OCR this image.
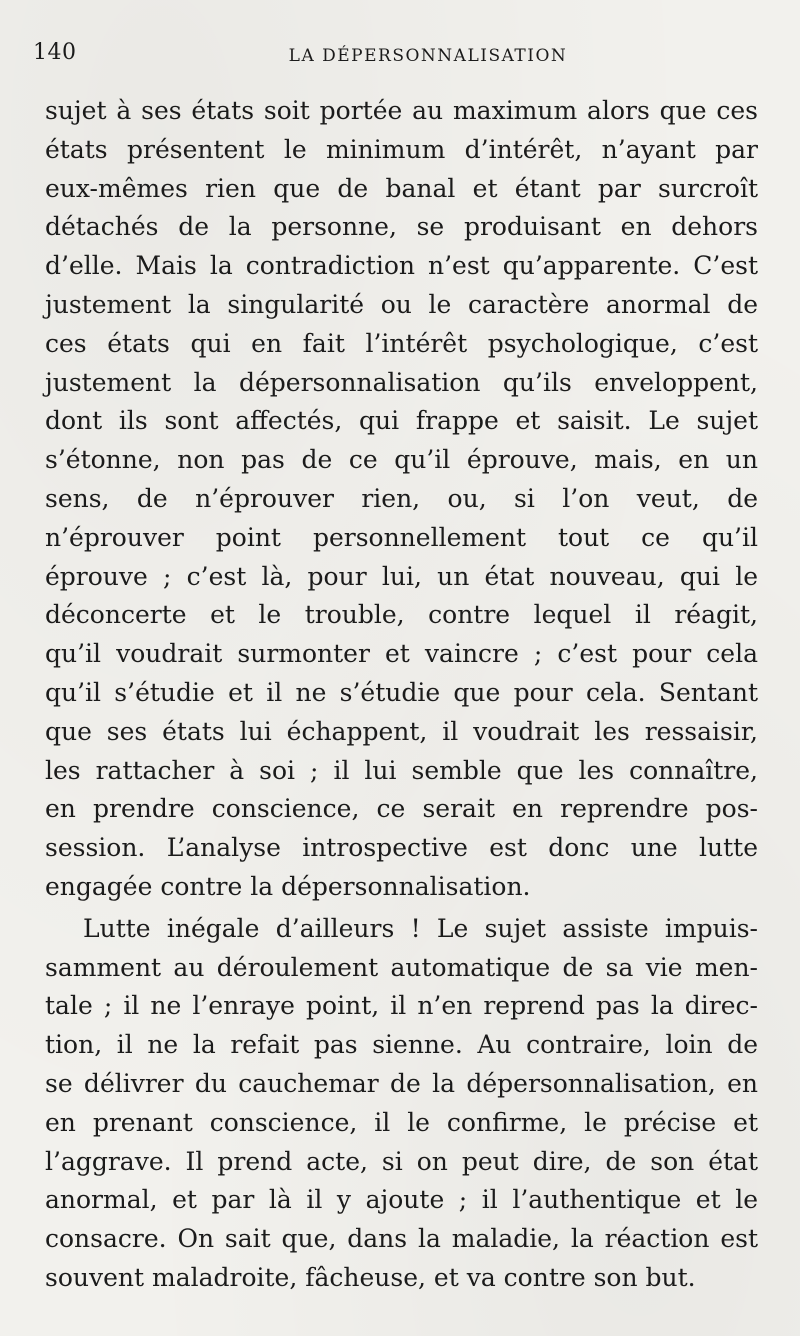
140	LA DÉPERSONNALISATION
sujet à ses états soit portée au maximum alors que ces
états présentent le minimum d’intérêt, n’ayant par
eux-mêmes rien que de banal et étant par surcroît
détachés de la personne, se produisant en dehors
d’elle. Mais la contradiction n’est qu’apparente. C’est
justement la singularité ou le caractère anormal de
ces états qui en fait l’intérêt psychologique, c’est
justement la dépersonnalisation qu’ils enveloppent,
dont ils sont affectés, qui frappe et saisit. Le sujet
s’étonne, non pas de ce qu’il éprouve, mais, en un
sens, de n’éprouver rien, ou, si l’on veut, de
n’éprouver point personnellement tout ce qu’il
éprouve ; c’est là, pour lui, un état nouveau, qui le
déconcerte et le trouble, contre lequel il réagit,
qu’il voudrait surmonter et vaincre ; c’est pour cela
qu’il s’étudie et il ne s’étudie que pour cela. Sentant
que ses états lui échappent, il voudrait les ressaisir,
les rattacher à soi ; il lui semble que les connaître,
en prendre conscience, ce serait en reprendre pos-
session. L’analyse introspective est donc une lutte
engagée contre la dépersonnalisation.
Lutte inégale d’ailleurs ! Le sujet assiste impuis-
samment au déroulement automatique de sa vie men-
tale ; il ne l’enraye point, il n’en reprend pas la direc-
tion, il ne la refait pas sienne. Au contraire, loin de
se délivrer du cauchemar de la dépersonnalisation, en
en prenant conscience, il le confirme, le précise et
l’aggrave. Il prend acte, si on peut dire, de son état
anormal, et par là il y ajoute ; il l’authentique et le
consacre. On sait que, dans la maladie, la réaction est
souvent maladroite, fâcheuse, et va contre son but.
